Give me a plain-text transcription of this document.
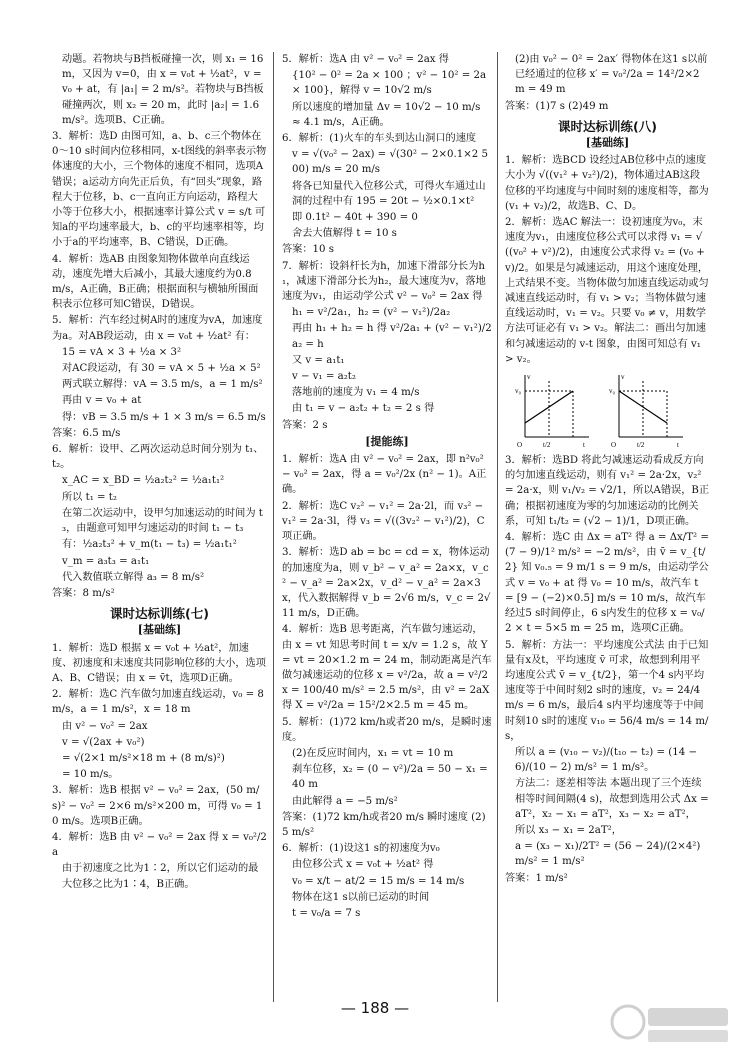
动题。若物块与B挡板碰撞一次，则 x₁ = 16 m，又因为 v=0，由 x = v₀t + ½at²，v = v₀ + at，有 |a₁| = 2 m/s²。若物块与B挡板碰撞两次，则 x₂ = 20 m，此时 |a₂| = 1.6 m/s²。选项B、C正确。

3．解析：选D 由图可知，a、b、c三个物体在0～10 s时间内位移相同，x-t图线的斜率表示物体速度的大小，三个物体的速度不相同，选项A错误；a运动方向先正后负，有“回头”现象，路程大于位移，b、c一直向正方向运动，路程大小等于位移大小，根据速率计算公式 v = s/t 可知a的平均速率最大，b、c的平均速率相等，均小于a的平均速率，B、C错误，D正确。

4．解析：选AB 由图象知物体做单向直线运动，速度先增大后减小，其最大速度约为0.8 m/s，A正确，B正确；根据面积与横轴所围面积表示位移可知C错误，D错误。

5．解析：汽车经过树A时的速度为vA，加速度为a。对AB段运动，由 x = v₀t + ½at² 有：

15 = vA × 3 + ½a × 3²

对AC段运动，有 30 = vA × 5 + ½a × 5²

两式联立解得：vA = 3.5 m/s，a = 1 m/s²

再由 v = v₀ + at

得：vB = 3.5 m/s + 1 × 3 m/s = 6.5 m/s

答案：6.5 m/s

6．解析：设甲、乙两次运动总时间分别为 t₁、t₂。

x_AC = x_BD = ½a₂t₂² = ½a₁t₁²

所以 t₁ = t₂

在第二次运动中，设甲匀加速运动的时间为 t₃，由题意可知甲匀速运动的时间 t₁ − t₃

有：½a₂t₃² + v_m(t₁ − t₃) = ½a₁t₁²

v_m = a₃t₃ = a₁t₁

代入数值联立解得 a₃ = 8 m/s²

答案：8 m/s²

课时达标训练(七)

[基础练]

1．解析：选D 根据 x = v₀t + ½at²，加速度、初速度和末速度共同影响位移的大小，选项A、B、C错误；由 x = v̄t，选项D正确。

2．解析：选C 汽车做匀加速直线运动，v₀ = 8 m/s，a = 1 m/s²，x = 18 m

由 v² − v₀² = 2ax

v = √(2ax + v₀²)

= √(2×1 m/s²×18 m + (8 m/s)²)

= 10 m/s。

3．解析：选B 根据 v² − v₀² = 2ax，(50 m/s)² − v₀² = 2×6 m/s²×200 m，可得 v₀ = 10 m/s。选项B正确。

4．解析：选B 由 v² − v₀² = 2ax 得 x = v₀²/2a

由于初速度之比为1∶2，所以它们运动的最大位移之比为1∶4，B正确。

5．解析：选A 由 v² − v₀² = 2ax 得

{10² − 0² = 2a × 100 ；v² − 10² = 2a × 100}，解得 v = 10√2 m/s

所以速度的增加量 Δv = 10√2 − 10 m/s ≈ 4.1 m/s，A正确。

6．解析：(1)火车的车头到达山洞口的速度

v = √(v₀² − 2ax) = √(30² − 2×0.1×2 500) m/s = 20 m/s

将各已知量代入位移公式，可得火车通过山洞的过程中有 195 = 20t − ½×0.1×t²

即 0.1t² − 40t + 390 = 0

舍去大值解得 t = 10 s

答案：10 s

7．解析：设斜杆长为h，加速下滑部分长为h₁，减速下滑部分长为h₂，最大速度为v，落地速度为v₁，由运动学公式 v² − v₀² = 2ax 得

h₁ = v²/2a₁，h₂ = (v² − v₁²)/2a₂

再由 h₁ + h₂ = h 得 v²/2a₁ + (v² − v₁²)/2a₂ = h

又 v = a₁t₁

v − v₁ = a₂t₂

落地前的速度为 v₁ = 4 m/s

由 t₁ = v − a₂t₂ + t₂ = 2 s 得

答案：2 s

[提能练]

1．解析：选A 由 v² − v₀² = 2ax，即 n²v₀² − v₀² = 2ax，得 a = v₀²/2x (n² − 1)。A正确。

2．解析：选C v₂² − v₁² = 2a·2l，而 v₃² − v₁² = 2a·3l，得 v₃ = √((3v₂² − v₁²)/2)，C项正确。

3．解析：选D ab = bc = cd = x，物体运动的加速度为a，则 v_b² − v_a² = 2a×x，v_c² − v_a² = 2a×2x，v_d² − v_a² = 2a×3x，代入数据解得 v_b = 2√6 m/s，v_c = 2√11 m/s，D正确。

4．解析：选B 思考距离，汽车做匀速运动，由 x = vt 知思考时间 t = x/v = 1.2 s，故 Y = vt = 20×1.2 m = 24 m，制动距离是汽车做匀减速运动的位移 x = v²/2a，故 a = v²/2x = 100/40 m/s² = 2.5 m/s²，由 v² = 2aX 得 X = v²/2a = 15²/2×2.5 m = 45 m。

5．解析：(1)72 km/h或者20 m/s，是瞬时速度。

(2)在反应时间内，x₁ = vt = 10 m

刹车位移，x₂ = (0 − v²)/2a = 50 − x₁ = 40 m

由此解得 a = −5 m/s²

答案：(1)72 km/h或者20 m/s 瞬时速度 (2)5 m/s²

6．解析：(1)设这1 s的初速度为v₀

由位移公式 x = v₀t + ½at² 得

v₀ = x/t − at/2 = 15 m/s = 14 m/s

物体在这1 s以前已运动的时间

t = v₀/a = 7 s

(2)由 v₀² − 0² = 2ax′ 得物体在这1 s以前已经通过的位移 x′ = v₀²/2a = 14²/2×2 m = 49 m

答案：(1)7 s (2)49 m

课时达标训练(八)

[基础练]

1．解析：选BCD 设经过AB位移中点的速度大小为 √((v₁² + v₂²)/2)，物体通过AB这段位移的平均速度与中间时刻的速度相等，都为 (v₁ + v₂)/2，故选B、C、D。

2．解析：选AC 解法一：设初速度为v₀，末速度为v₁，由速度位移公式可以求得 v₁ = √((v₀² + v²)/2)，由速度公式求得 v₂ = (v₀ + v)/2。如果是匀减速运动，用这个速度处理，上式结果不变。当物体做匀加速直线运动或匀减速直线运动时，有 v₁ > v₂；当物体做匀速直线运动时，v₁ = v₂。只要 v₀ ≠ v，用数学方法可证必有 v₁ > v₂。解法二：画出匀加速和匀减速运动的 v-t 图象，由图可知总有 v₁ > v₂。

v
v₀
t
O	t/2
v
v₀
t
O	t/2

3．解析：选BD 将此匀减速运动看成反方向的匀加速直线运动，则有 v₁² = 2a·2x，v₂² = 2a·x，则 v₁/v₂ = √2/1，所以A错误，B正确；根据初速度为零的匀加速运动的比例关系，可知 t₁/t₂ = (√2 − 1)/1，D项正确。

4．解析：选C 由 Δx = aT² 得 a = Δx/T² = (7 − 9)/1² m/s² = −2 m/s²，由 v̄ = v_{t/2} 知 v₀.₅ = 9 m/1 s = 9 m/s，由运动学公式 v = v₀ + at 得 v₀ = 10 m/s，故汽车 t = [9 − (−2)×0.5] m/s = 10 m/s，故汽车经过5 s时间停止，6 s内发生的位移 x = v₀/2 × t = 5×5 m = 25 m，选项C正确。

5．解析：方法一：平均速度公式法 由于已知量有x及t，平均速度 v̄ 可求，故想到利用平均速度公式 v̄ = v_{t/2}，第一个4 s内平均速度等于中间时刻2 s时的速度，v₂ = 24/4 m/s = 6 m/s，最后4 s内平均速度等于中间时刻10 s时的速度 v₁₀ = 56/4 m/s = 14 m/s，

所以 a = (v₁₀ − v₂)/(t₁₀ − t₂) = (14 − 6)/(10 − 2) m/s² = 1 m/s²。

方法二：逐差相等法 本题出现了三个连续相等时间间隔(4 s)，故想到选用公式 Δx = aT²，x₂ − x₁ = aT²，x₃ − x₂ = aT²，

所以 x₃ − x₁ = 2aT²，

a = (x₃ − x₁)/2T² = (56 − 24)/(2×4²) m/s² = 1 m/s²

答案：1 m/s²

— 188 —
